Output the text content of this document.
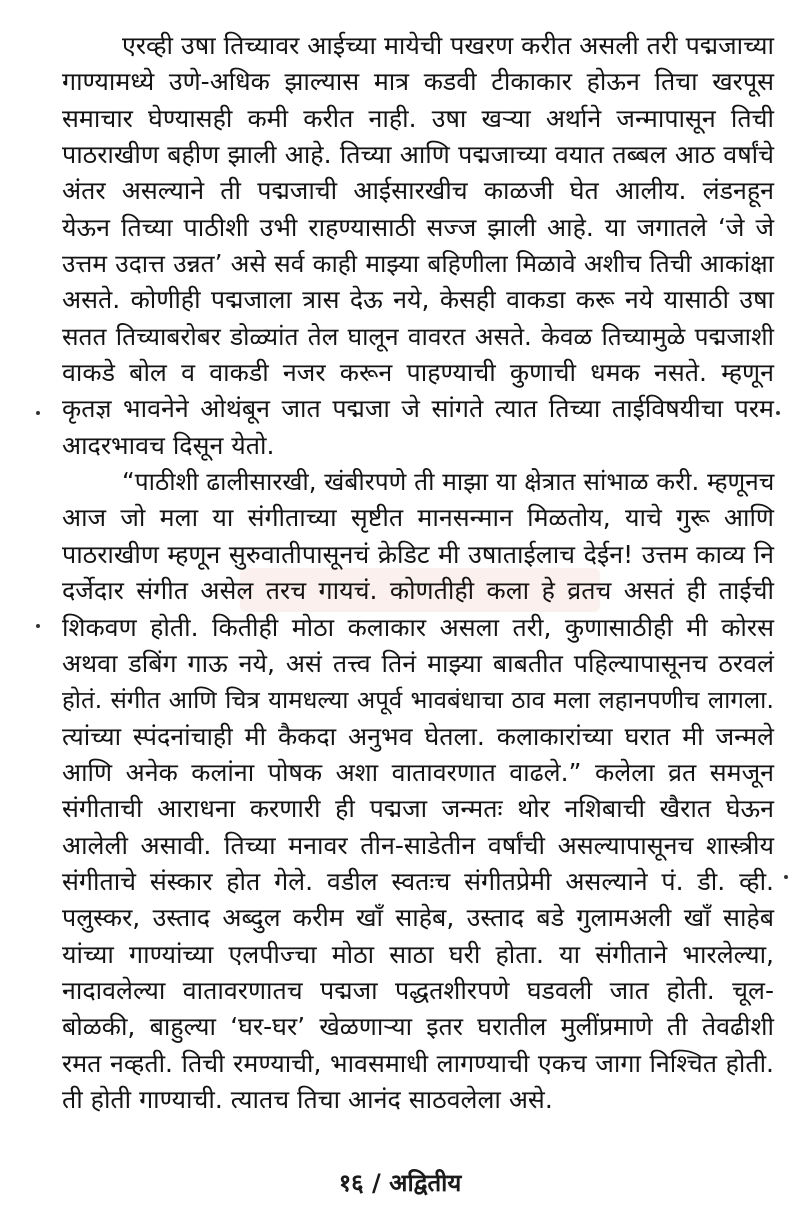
एरव्ही उषा तिच्यावर आईच्या मायेची पखरण करीत असली तरी पद्मजाच्या
गाण्यामध्ये उणे-अधिक झाल्यास मात्र कडवी टीकाकार होऊन तिचा खरपूस
समाचार घेण्यासही कमी करीत नाही. उषा खऱ्या अर्थाने जन्मापासून तिची
पाठराखीण बहीण झाली आहे. तिच्या आणि पद्मजाच्या वयात तब्बल आठ वर्षांचे
अंतर असल्याने ती पद्मजाची आईसारखीच काळजी घेत आलीय. लंडनहून
येऊन तिच्या पाठीशी उभी राहण्यासाठी सज्ज झाली आहे. या जगातले ‘जे जे
उत्तम उदात्त उन्नत’ असे सर्व काही माझ्या बहिणीला मिळावे अशीच तिची आकांक्षा
असते. कोणीही पद्मजाला त्रास देऊ नये, केसही वाकडा करू नये यासाठी उषा
सतत तिच्याबरोबर डोळ्यांत तेल घालून वावरत असते. केवळ तिच्यामुळे पद्मजाशी
वाकडे बोल व वाकडी नजर करून पाहण्याची कुणाची धमक नसते. म्हणून
कृतज्ञ भावनेने ओथंबून जात पद्मजा जे सांगते त्यात तिच्या ताईविषयीचा परम
आदरभावच दिसून येतो.
“पाठीशी ढालीसारखी, खंबीरपणे ती माझा या क्षेत्रात सांभाळ करी. म्हणूनच
आज जो मला या संगीताच्या सृष्टीत मानसन्मान मिळतोय, याचे गुरू आणि
पाठराखीण म्हणून सुरुवातीपासूनचं क्रेडिट मी उषाताईलाच देईन! उत्तम काव्य नि
दर्जेदार संगीत असेल तरच गायचं. कोणतीही कला हे व्रतच असतं ही ताईची
शिकवण होती. कितीही मोठा कलाकार असला तरी, कुणासाठीही मी कोरस
अथवा डबिंग गाऊ नये, असं तत्त्व तिनं माझ्या बाबतीत पहिल्यापासूनच ठरवलं
होतं. संगीत आणि चित्र यामधल्या अपूर्व भावबंधाचा ठाव मला लहानपणीच लागला.
त्यांच्या स्पंदनांचाही मी कैकदा अनुभव घेतला. कलाकारांच्या घरात मी जन्मले
आणि अनेक कलांना पोषक अशा वातावरणात वाढले.” कलेला व्रत समजून
संगीताची आराधना करणारी ही पद्मजा जन्मतः थोर नशिबाची खैरात घेऊन
आलेली असावी. तिच्या मनावर तीन-साडेतीन वर्षांची असल्यापासूनच शास्त्रीय
संगीताचे संस्कार होत गेले. वडील स्वतःच संगीतप्रेमी असल्याने पं. डी. व्ही.
पलुस्कर, उस्ताद अब्दुल करीम खाँ साहेब, उस्ताद बडे गुलामअली खाँ साहेब
यांच्या गाण्यांच्या एलपीज्चा मोठा साठा घरी होता. या संगीताने भारलेल्या,
नादावलेल्या वातावरणातच पद्मजा पद्धतशीरपणे घडवली जात होती. चूल-
बोळकी, बाहुल्या ‘घर-घर’ खेळणाऱ्या इतर घरातील मुलींप्रमाणे ती तेवढीशी
रमत नव्हती. तिची रमण्याची, भावसमाधी लागण्याची एकच जागा निश्चित होती.
ती होती गाण्याची. त्यातच तिचा आनंद साठवलेला असे.
१६ / अद्वितीय
